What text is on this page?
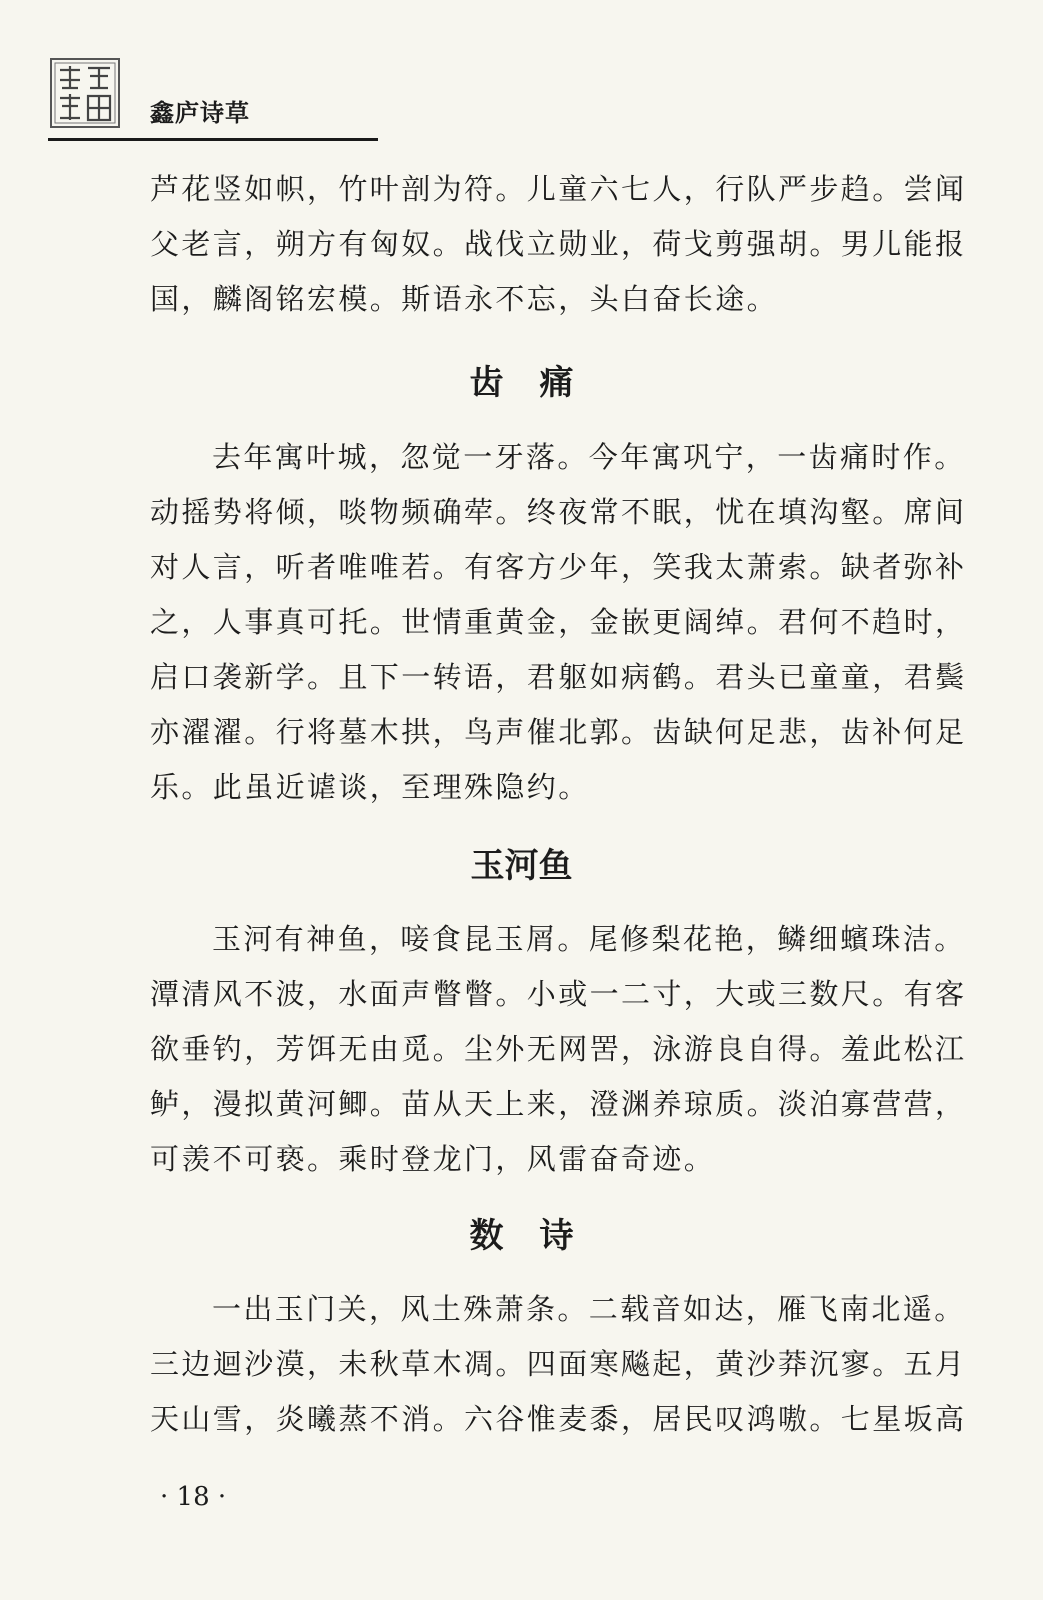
鑫庐诗草

芦花竖如帜，竹叶剖为符。儿童六七人，行队严步趋。尝闻父老言，朔方有匈奴。战伐立勋业，荷戈剪强胡。男儿能报国，麟阁铭宏模。斯语永不忘，头白奋长途。

齿痛

去年寓叶城，忽觉一牙落。今年寓巩宁，一齿痛时作。动摇势将倾，啖物频确荦。终夜常不眠，忧在填沟壑。席间对人言，听者唯唯若。有客方少年，笑我太萧索。缺者弥补之，人事真可托。世情重黄金，金嵌更阔绰。君何不趋时，启口袭新学。且下一转语，君躯如病鹤。君头已童童，君鬓亦濯濯。行将墓木拱，鸟声催北郭。齿缺何足悲，齿补何足乐。此虽近谑谈，至理殊隐约。

玉河鱼

玉河有神鱼，唼食昆玉屑。尾修梨花艳，鳞细蠙珠洁。潭清风不波，水面声瞥瞥。小或一二寸，大或三数尺。有客欲垂钓，芳饵无由觅。尘外无网罟，泳游良自得。羞此松江鲈，漫拟黄河鲫。苗从天上来，澄渊养琼质。淡泊寡营营，可羡不可亵。乘时登龙门，风雷奋奇迹。

数诗

一出玉门关，风土殊萧条。二载音如达，雁飞南北遥。三边迴沙漠，未秋草木凋。四面寒飚起，黄沙莽沉寥。五月天山雪，炎曦蒸不消。六谷惟麦黍，居民叹鸿嗷。七星坂高

· 18 ·
